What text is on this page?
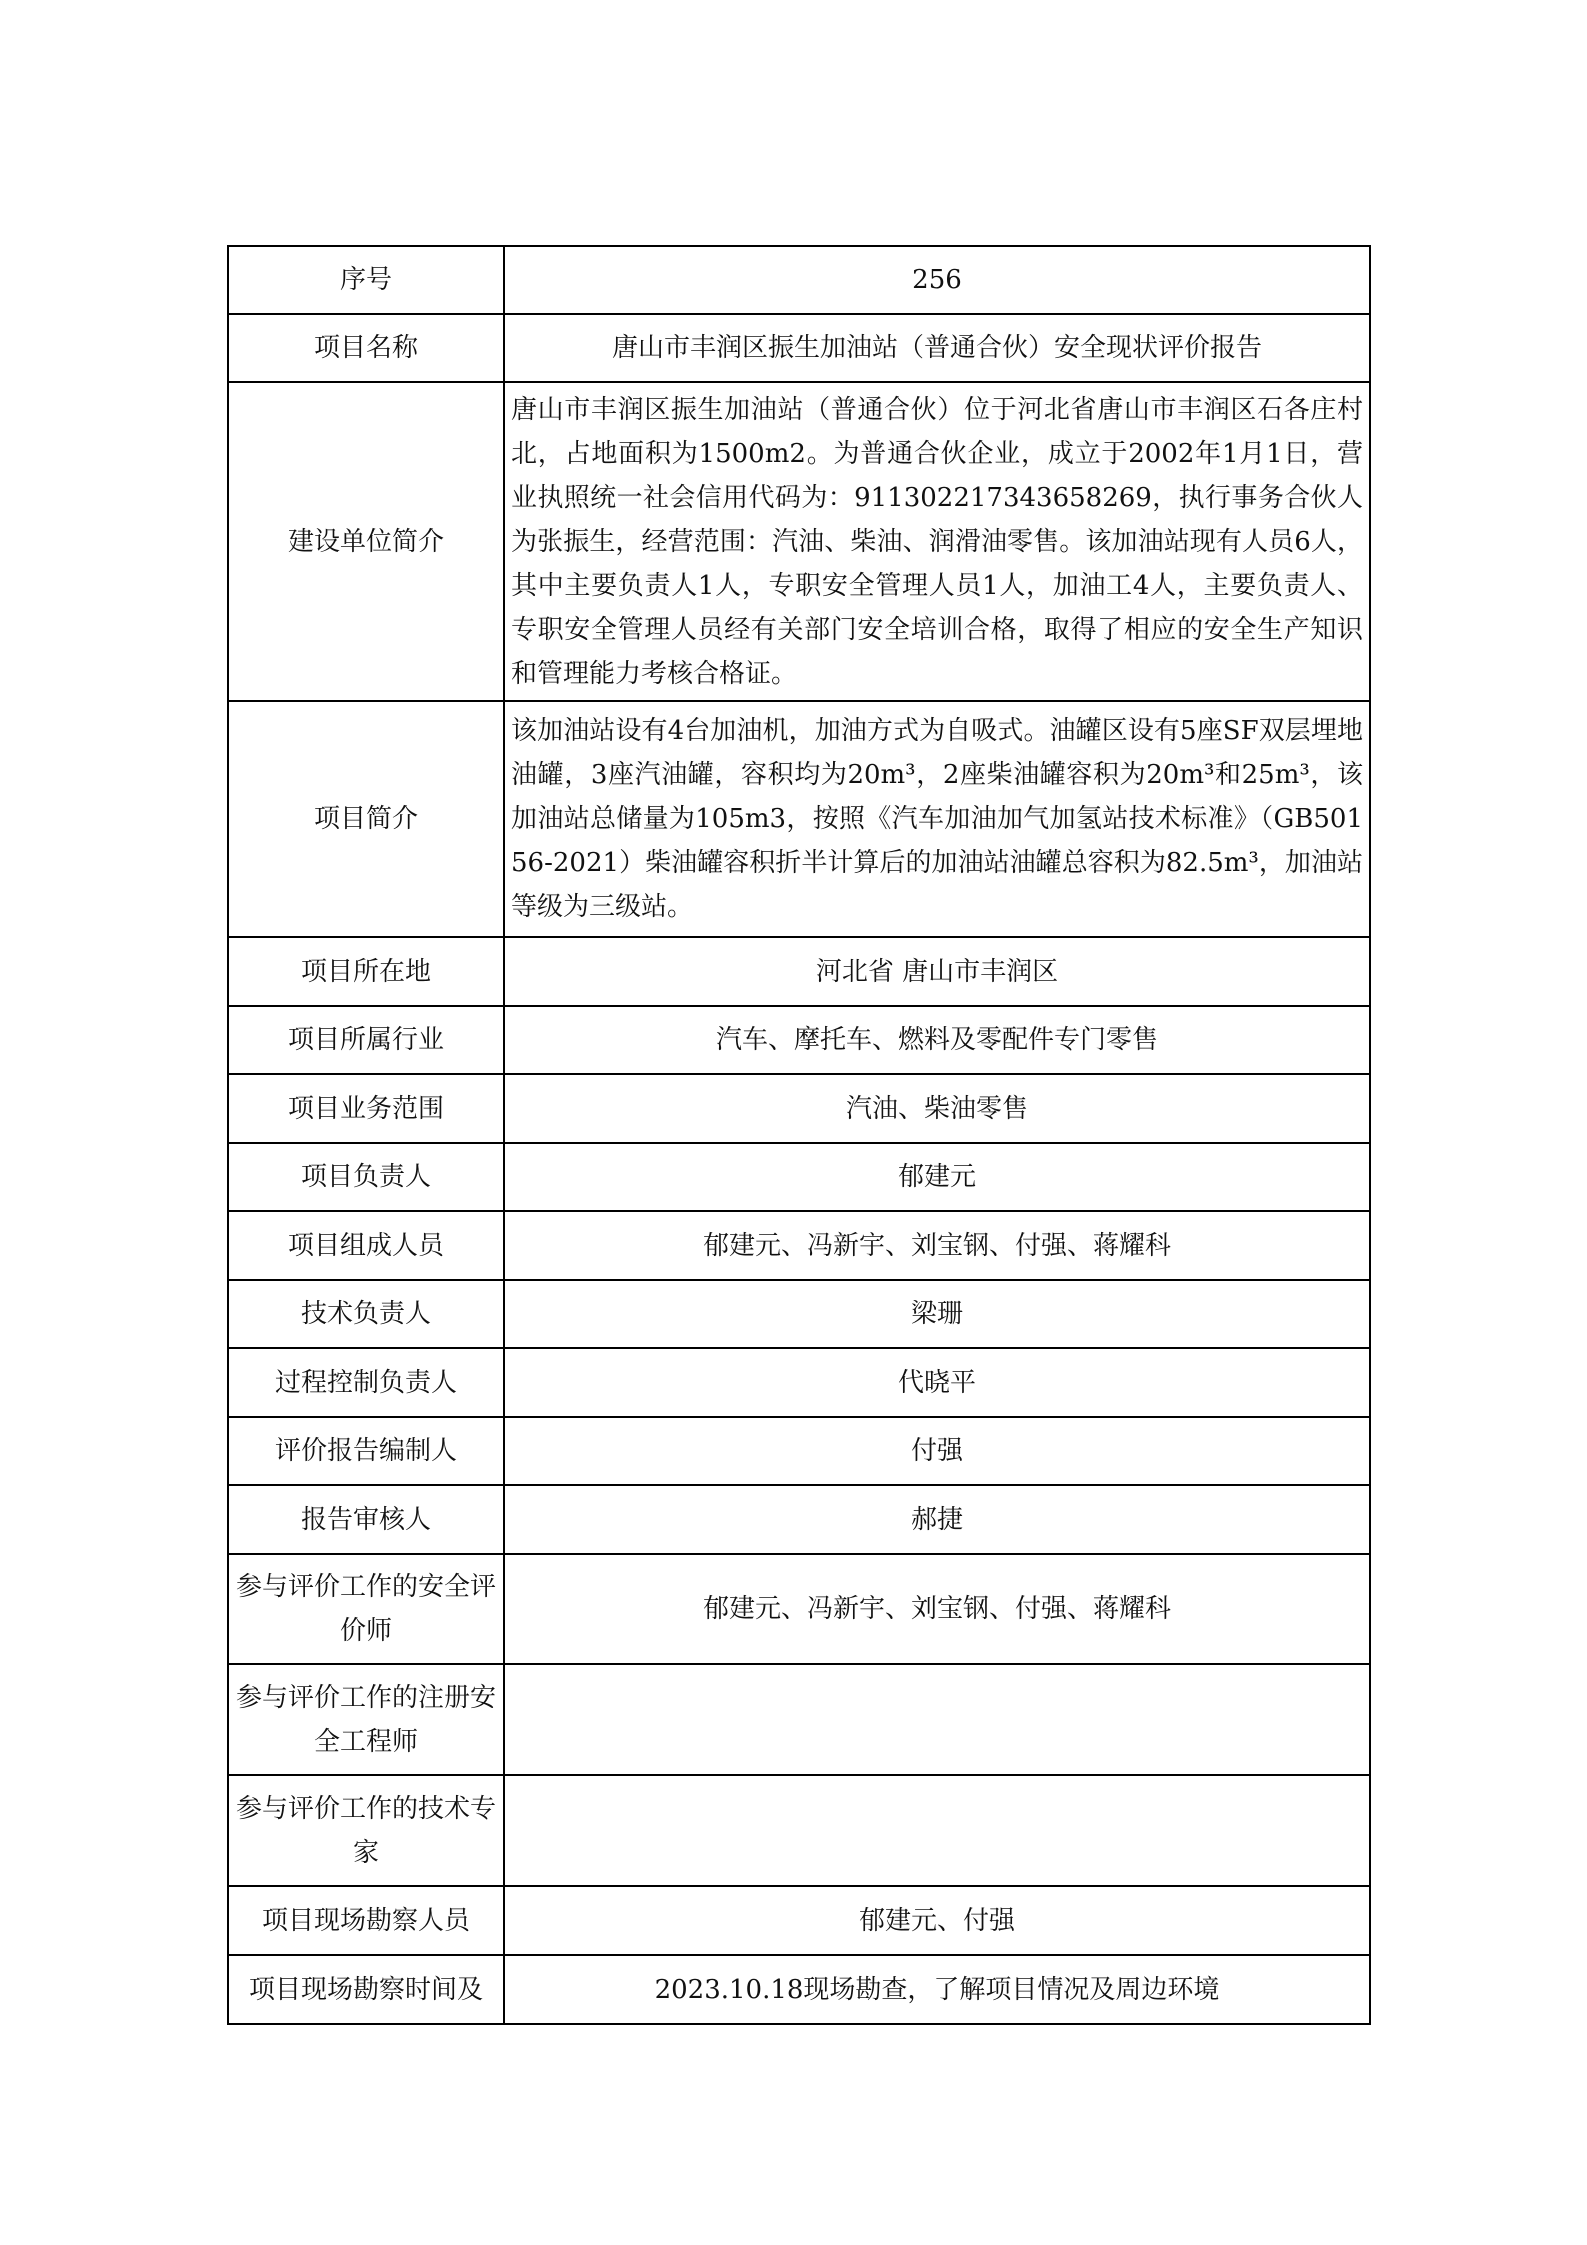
序号	256
项目名称	唐山市丰润区振生加油站（普通合伙）安全现状评价报告
建设单位简介	唐山市丰润区振生加油站（普通合伙）位于河北省唐山市丰润区石各庄村北，占地面积为1500m2。为普通合伙企业，成立于2002年1月1日，营业执照统一社会信用代码为：911302217343658269，执行事务合伙人为张振生，经营范围：汽油、柴油、润滑油零售。该加油站现有人员6人，其中主要负责人1人，专职安全管理人员1人，加油工4人，主要负责人、专职安全管理人员经有关部门安全培训合格，取得了相应的安全生产知识和管理能力考核合格证。
项目简介	该加油站设有4台加油机，加油方式为自吸式。油罐区设有5座SF双层埋地油罐，3座汽油罐，容积均为20m³，2座柴油罐容积为20m³和25m³，该加油站总储量为105m3，按照《汽车加油加气加氢站技术标准》（GB50156-2021）柴油罐容积折半计算后的加油站油罐总容积为82.5m³，加油站等级为三级站。
项目所在地	河北省 唐山市丰润区
项目所属行业	汽车、摩托车、燃料及零配件专门零售
项目业务范围	汽油、柴油零售
项目负责人	郁建元
项目组成人员	郁建元、冯新宇、刘宝钢、付强、蒋耀科
技术负责人	梁珊
过程控制负责人	代晓平
评价报告编制人	付强
报告审核人	郝捷
参与评价工作的安全评价师	郁建元、冯新宇、刘宝钢、付强、蒋耀科
参与评价工作的注册安全工程师	
参与评价工作的技术专家	
项目现场勘察人员	郁建元、付强
项目现场勘察时间及	2023.10.18现场勘查，了解项目情况及周边环境
